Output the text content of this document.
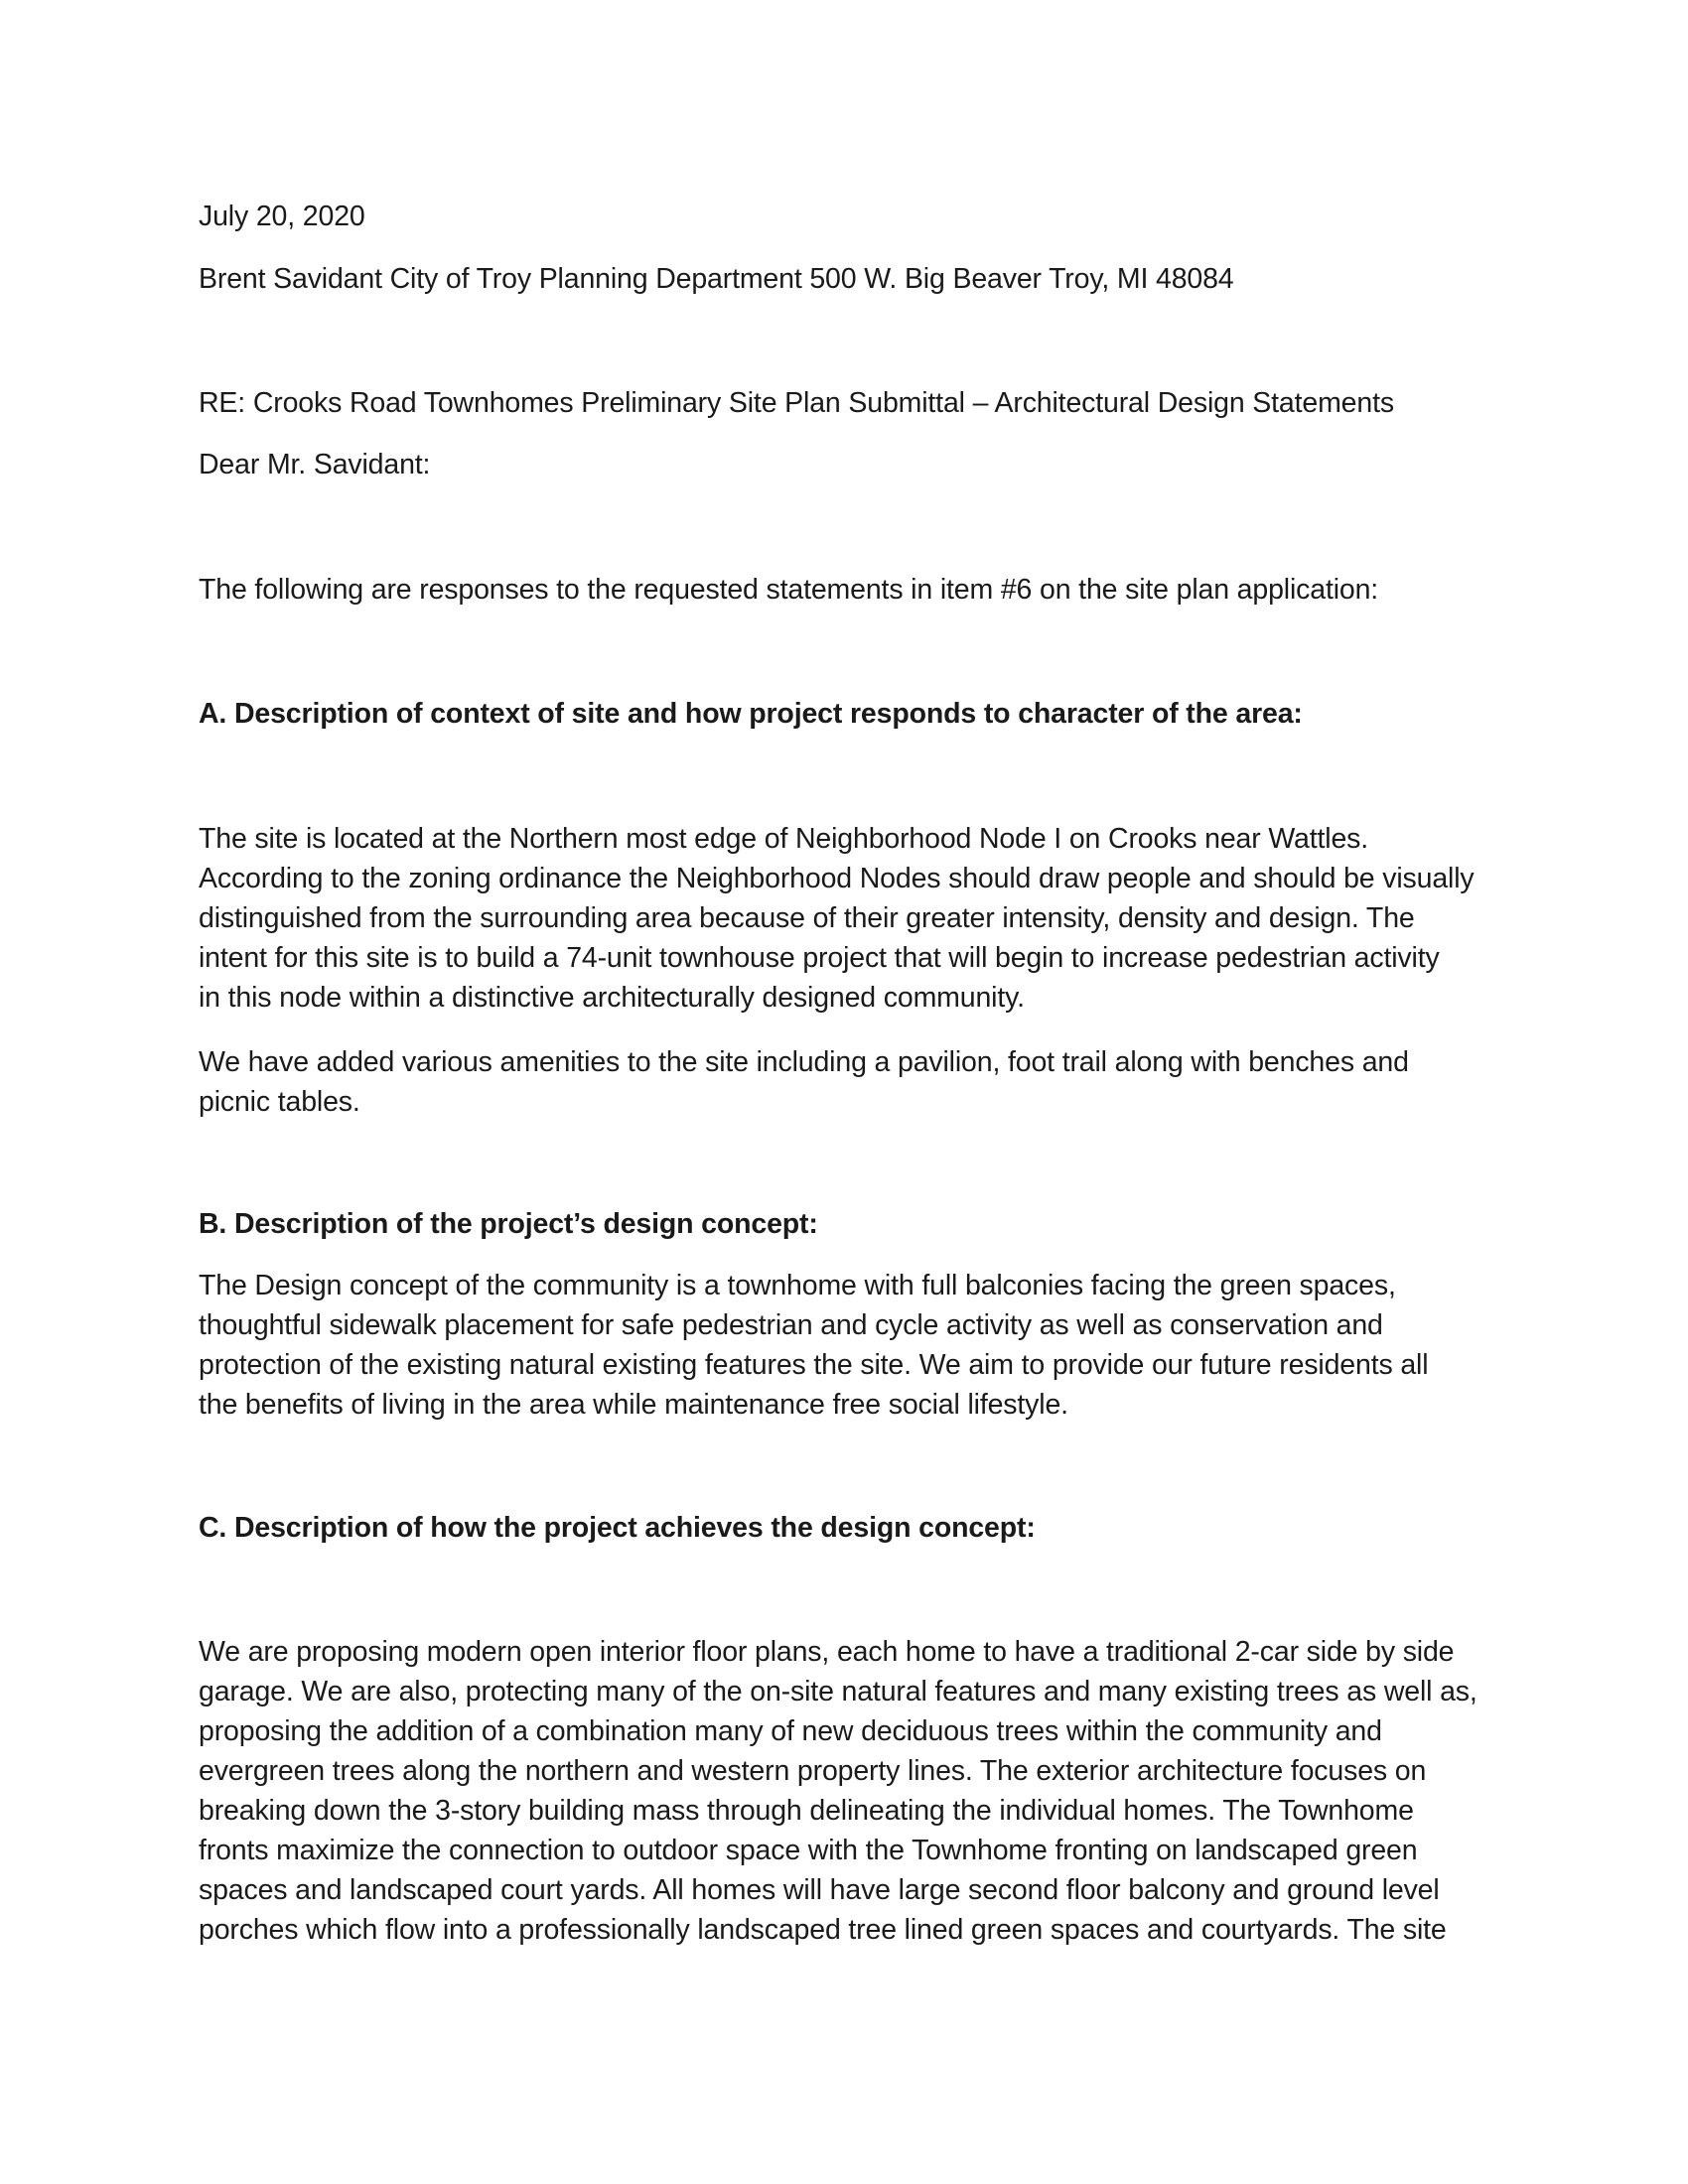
July 20, 2020

Brent Savidant City of Troy Planning Department 500 W. Big Beaver Troy, MI 48084

RE: Crooks Road Townhomes Preliminary Site Plan Submittal – Architectural Design Statements

Dear Mr. Savidant:

The following are responses to the requested statements in item #6 on the site plan application:

A. Description of context of site and how project responds to character of the area:

The site is located at the Northern most edge of Neighborhood Node I on Crooks near Wattles.
According to the zoning ordinance the Neighborhood Nodes should draw people and should be visually
distinguished from the surrounding area because of their greater intensity, density and design. The
intent for this site is to build a 74-unit townhouse project that will begin to increase pedestrian activity
in this node within a distinctive architecturally designed community.
We have added various amenities to the site including a pavilion, foot trail along with benches and
picnic tables.

B. Description of the project’s design concept:

The Design concept of the community is a townhome with full balconies facing the green spaces,
thoughtful sidewalk placement for safe pedestrian and cycle activity as well as conservation and
protection of the existing natural existing features the site. We aim to provide our future residents all
the benefits of living in the area while maintenance free social lifestyle.

C. Description of how the project achieves the design concept:

We are proposing modern open interior floor plans, each home to have a traditional 2-car side by side
garage. We are also, protecting many of the on-site natural features and many existing trees as well as,
proposing the addition of a combination many of new deciduous trees within the community and
evergreen trees along the northern and western property lines. The exterior architecture focuses on
breaking down the 3-story building mass through delineating the individual homes. The Townhome
fronts maximize the connection to outdoor space with the Townhome fronting on landscaped green
spaces and landscaped court yards. All homes will have large second floor balcony and ground level
porches which flow into a professionally landscaped tree lined green spaces and courtyards. The site
